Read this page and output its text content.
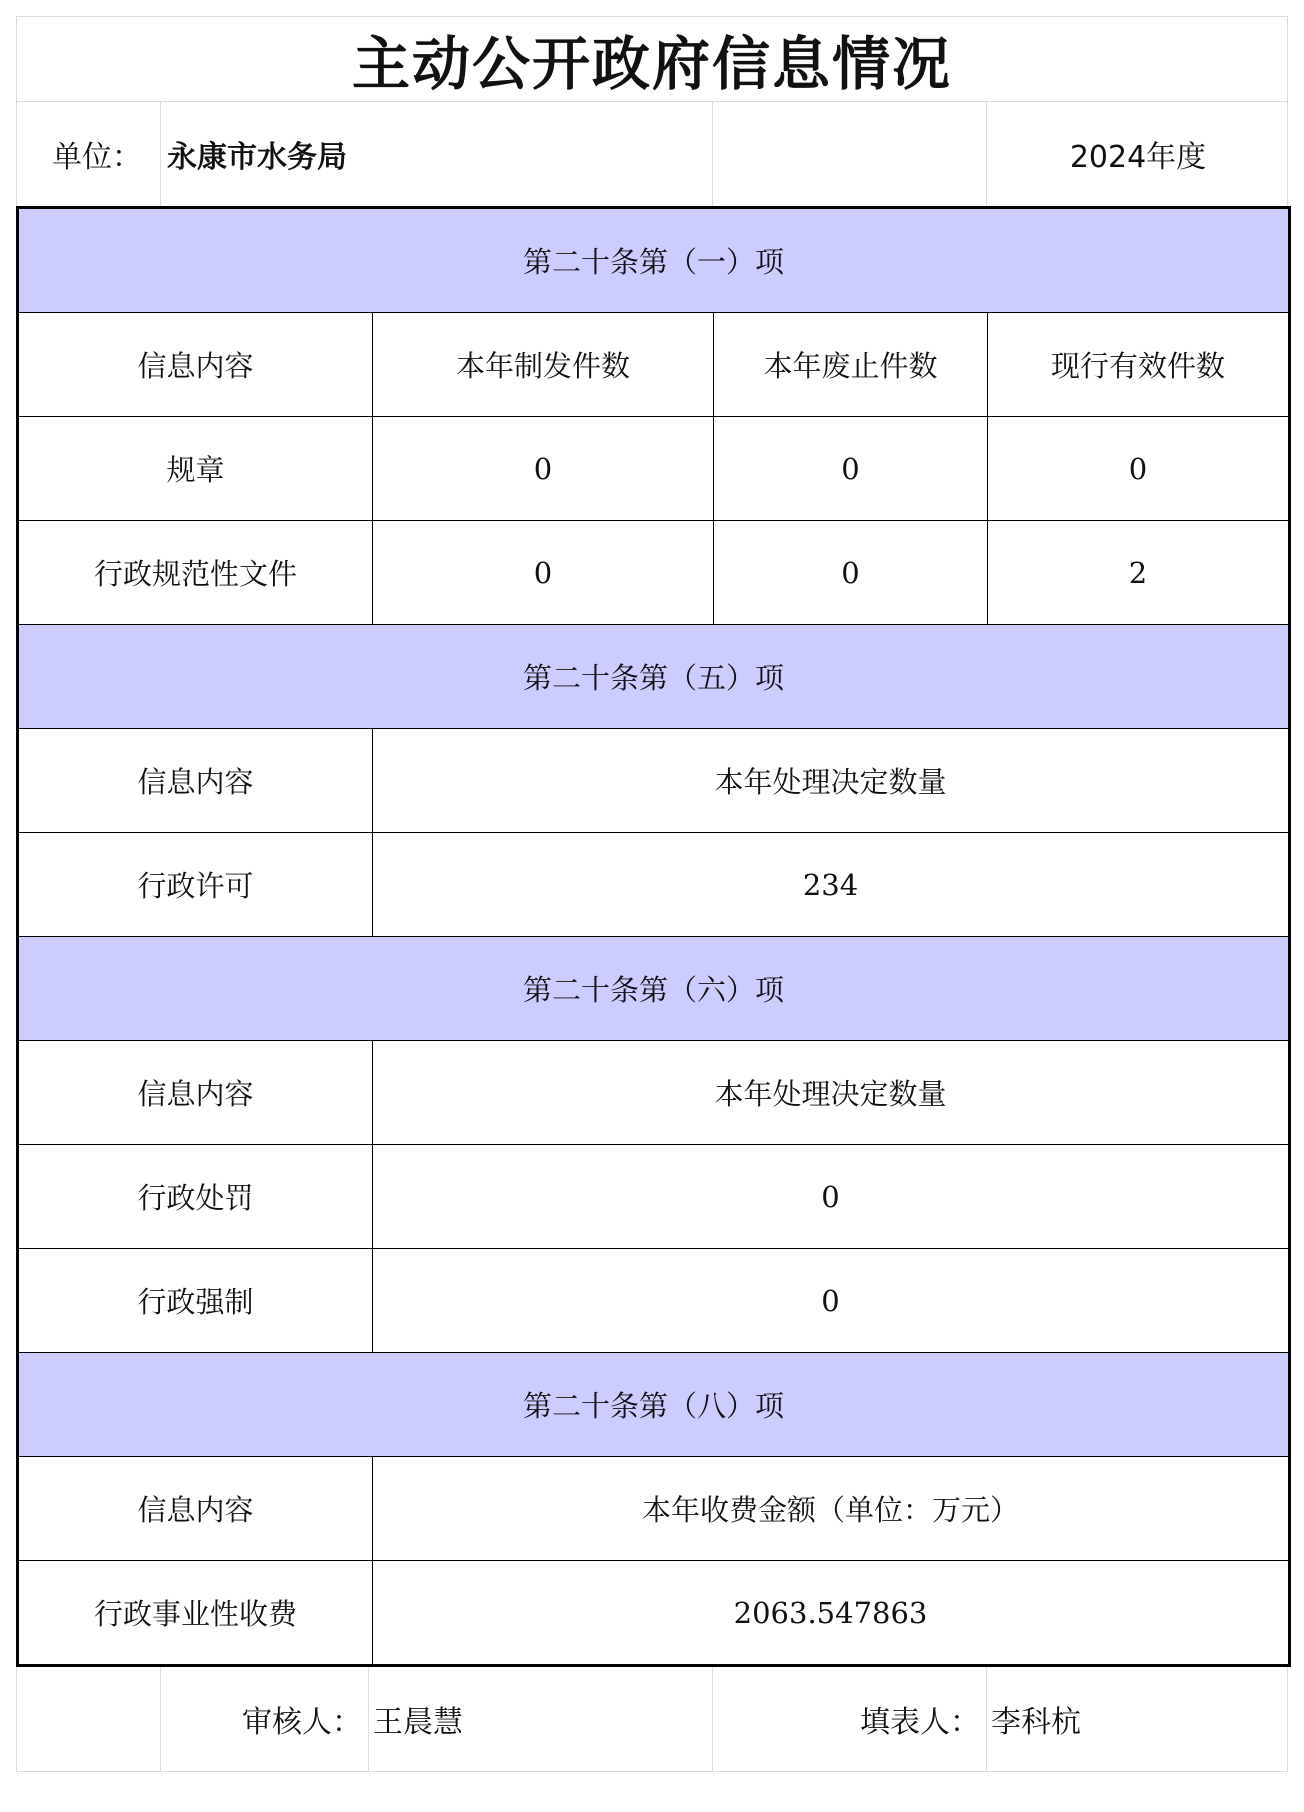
主动公开政府信息情况
单位： 永康市水务局	2024年度
第二十条第（一）项			
信息内容	本年制发件数	本年废止件数	现行有效件数
规章	0	0	0
行政规范性文件	0	0	2
第二十条第（五）项			
信息内容	本年处理决定数量		
行政许可	234		
第二十条第（六）项			
信息内容	本年处理决定数量		
行政处罚	0		
行政强制	0		
第二十条第（八）项			
信息内容	本年收费金额（单位：万元）		
行政事业性收费	2063.547863		
审核人： 王晨慧	填表人： 李科杭
